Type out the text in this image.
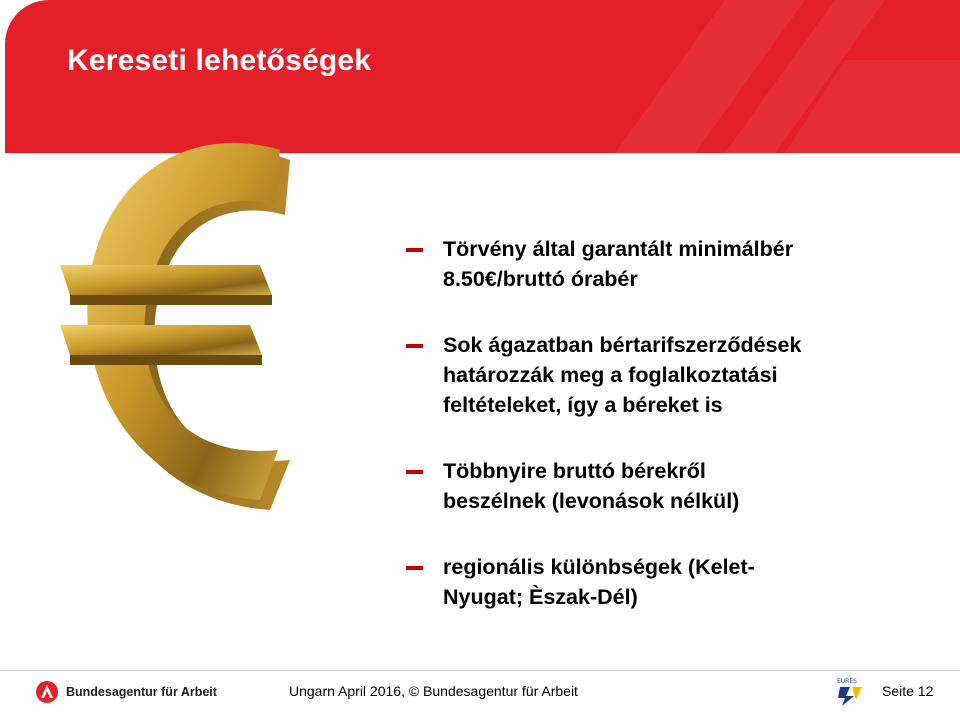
Kereseti lehetőségek
Törvény által garantált minimálbér
8.50€/bruttó órabér
Sok ágazatban bértarifszerződések
határozzák meg a foglalkoztatási
feltételeket, így a béreket is
Többnyire bruttó bérekről
beszélnek (levonások nélkül)
regionális különbségek (Kelet-
Nyugat; Èszak-Dél)
Bundesagentur für Arbeit	Ungarn April 2016, © Bundesagentur für Arbeit
EURES
Seite 12
